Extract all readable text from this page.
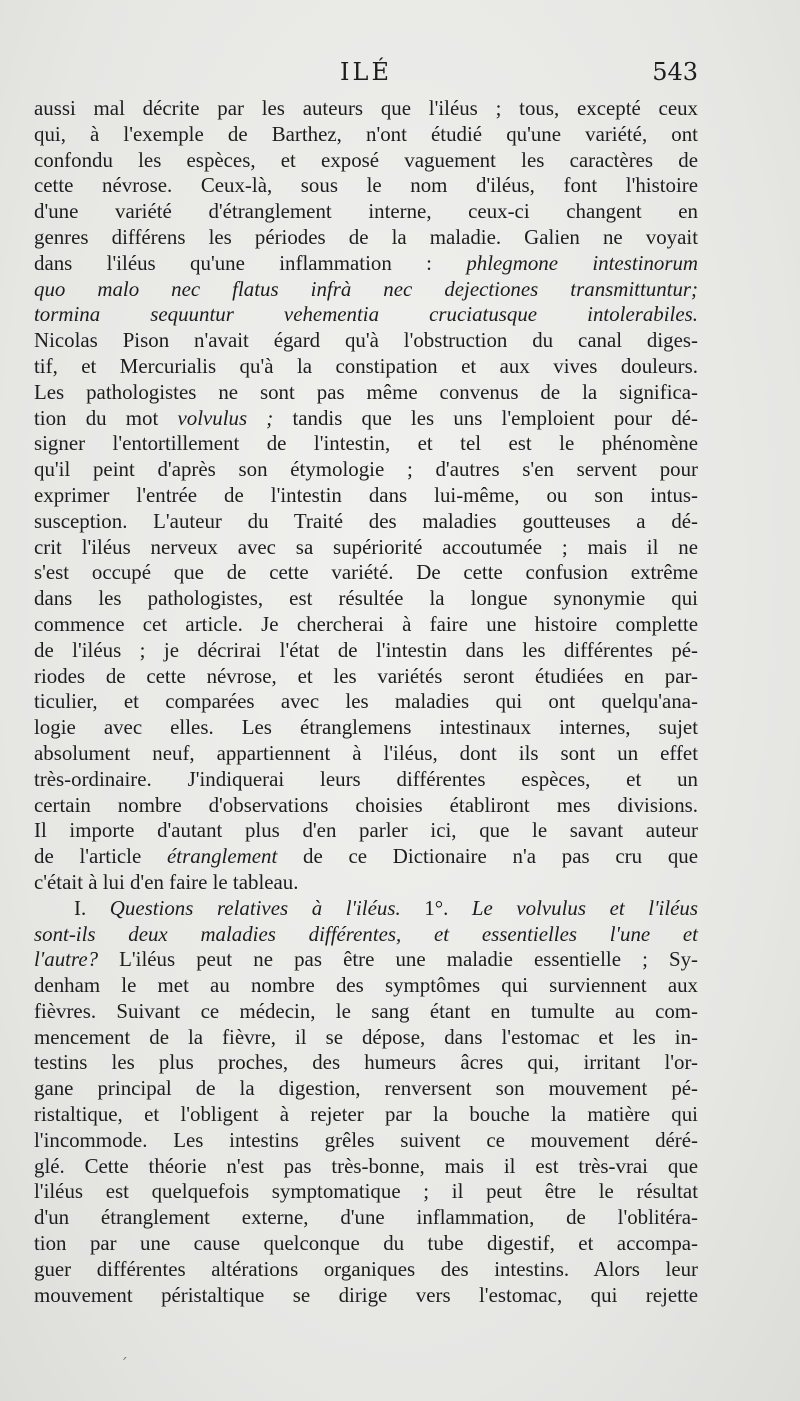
ILÉ	543
aussi mal décrite par les auteurs que l'iléus ; tous, excepté ceux
qui, à l'exemple de Barthez, n'ont étudié qu'une variété, ont
confondu les espèces, et exposé vaguement les caractères de
cette névrose. Ceux-là, sous le nom d'iléus, font l'histoire
d'une variété d'étranglement interne, ceux-ci changent en
genres différens les périodes de la maladie. Galien ne voyait
dans l'iléus qu'une inflammation : phlegmone intestinorum
quo malo nec flatus infrà nec dejectiones transmittuntur;
tormina sequuntur vehementia cruciatusque intolerabiles.
Nicolas Pison n'avait égard qu'à l'obstruction du canal diges-
tif, et Mercurialis qu'à la constipation et aux vives douleurs.
Les pathologistes ne sont pas même convenus de la significa-
tion du mot volvulus ; tandis que les uns l'emploient pour dé-
signer l'entortillement de l'intestin, et tel est le phénomène
qu'il peint d'après son étymologie ; d'autres s'en servent pour
exprimer l'entrée de l'intestin dans lui-même, ou son intus-
susception. L'auteur du Traité des maladies goutteuses a dé-
crit l'iléus nerveux avec sa supériorité accoutumée ; mais il ne
s'est occupé que de cette variété. De cette confusion extrême
dans les pathologistes, est résultée la longue synonymie qui
commence cet article. Je chercherai à faire une histoire complette
de l'iléus ; je décrirai l'état de l'intestin dans les différentes pé-
riodes de cette névrose, et les variétés seront étudiées en par-
ticulier, et comparées avec les maladies qui ont quelqu'ana-
logie avec elles. Les étranglemens intestinaux internes, sujet
absolument neuf, appartiennent à l'iléus, dont ils sont un effet
très-ordinaire. J'indiquerai leurs différentes espèces, et un
certain nombre d'observations choisies établiront mes divisions.
Il importe d'autant plus d'en parler ici, que le savant auteur
de l'article étranglement de ce Dictionaire n'a pas cru que
c'était à lui d'en faire le tableau.
I. Questions relatives à l'iléus. 1°. Le volvulus et l'iléus
sont-ils deux maladies différentes, et essentielles l'une et
l'autre? L'iléus peut ne pas être une maladie essentielle ; Sy-
denham le met au nombre des symptômes qui surviennent aux
fièvres. Suivant ce médecin, le sang étant en tumulte au com-
mencement de la fièvre, il se dépose, dans l'estomac et les in-
testins les plus proches, des humeurs âcres qui, irritant l'or-
gane principal de la digestion, renversent son mouvement pé-
ristaltique, et l'obligent à rejeter par la bouche la matière qui
l'incommode. Les intestins grêles suivent ce mouvement déré-
glé. Cette théorie n'est pas très-bonne, mais il est très-vrai que
l'iléus est quelquefois symptomatique ; il peut être le résultat
d'un étranglement externe, d'une inflammation, de l'oblitéra-
tion par une cause quelconque du tube digestif, et accompa-
guer différentes altérations organiques des intestins. Alors leur
mouvement péristaltique se dirige vers l'estomac, qui rejette
´
